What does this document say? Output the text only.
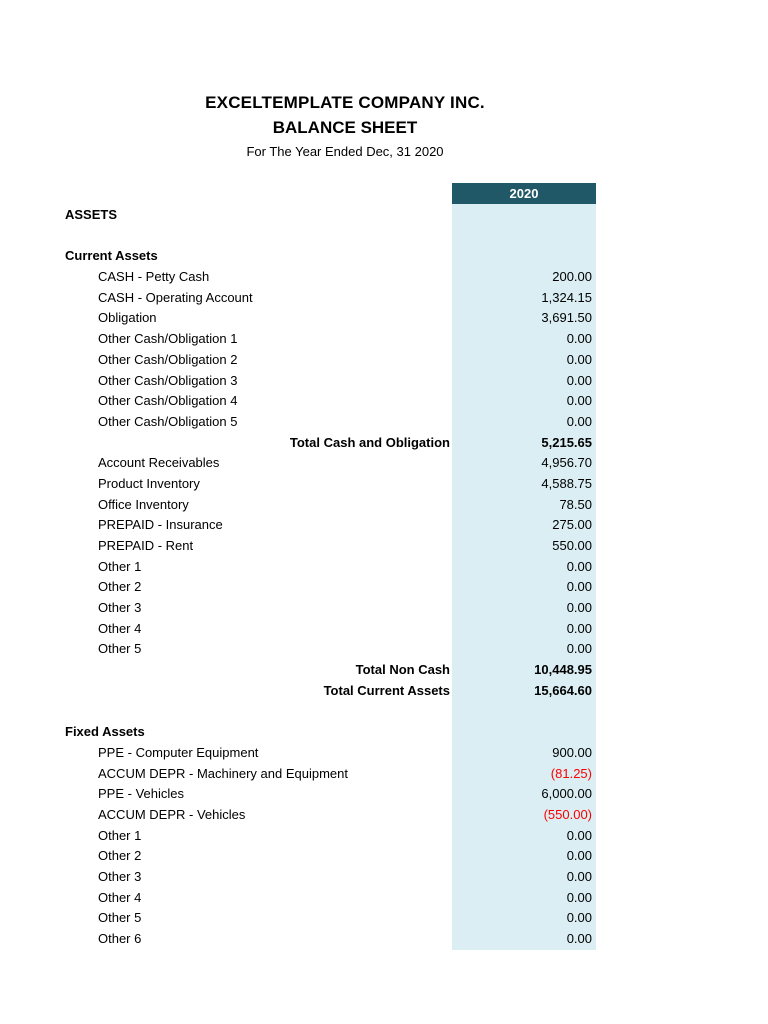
EXCELTEMPLATE COMPANY INC.
BALANCE SHEET
For The Year Ended Dec, 31 2020
2020
ASSETS
Current Assets
CASH - Petty Cash	200.00
CASH - Operating Account	1,324.15
Obligation	3,691.50
Other Cash/Obligation 1	0.00
Other Cash/Obligation 2	0.00
Other Cash/Obligation 3	0.00
Other Cash/Obligation 4	0.00
Other Cash/Obligation 5	0.00
Total Cash and Obligation	5,215.65
Account Receivables	4,956.70
Product Inventory	4,588.75
Office Inventory	78.50
PREPAID - Insurance	275.00
PREPAID - Rent	550.00
Other 1	0.00
Other 2	0.00
Other 3	0.00
Other 4	0.00
Other 5	0.00
Total Non Cash	10,448.95
Total Current Assets	15,664.60
Fixed Assets
PPE - Computer Equipment	900.00
ACCUM DEPR - Machinery and Equipment	(81.25)
PPE - Vehicles	6,000.00
ACCUM DEPR - Vehicles	(550.00)
Other 1	0.00
Other 2	0.00
Other 3	0.00
Other 4	0.00
Other 5	0.00
Other 6	0.00
